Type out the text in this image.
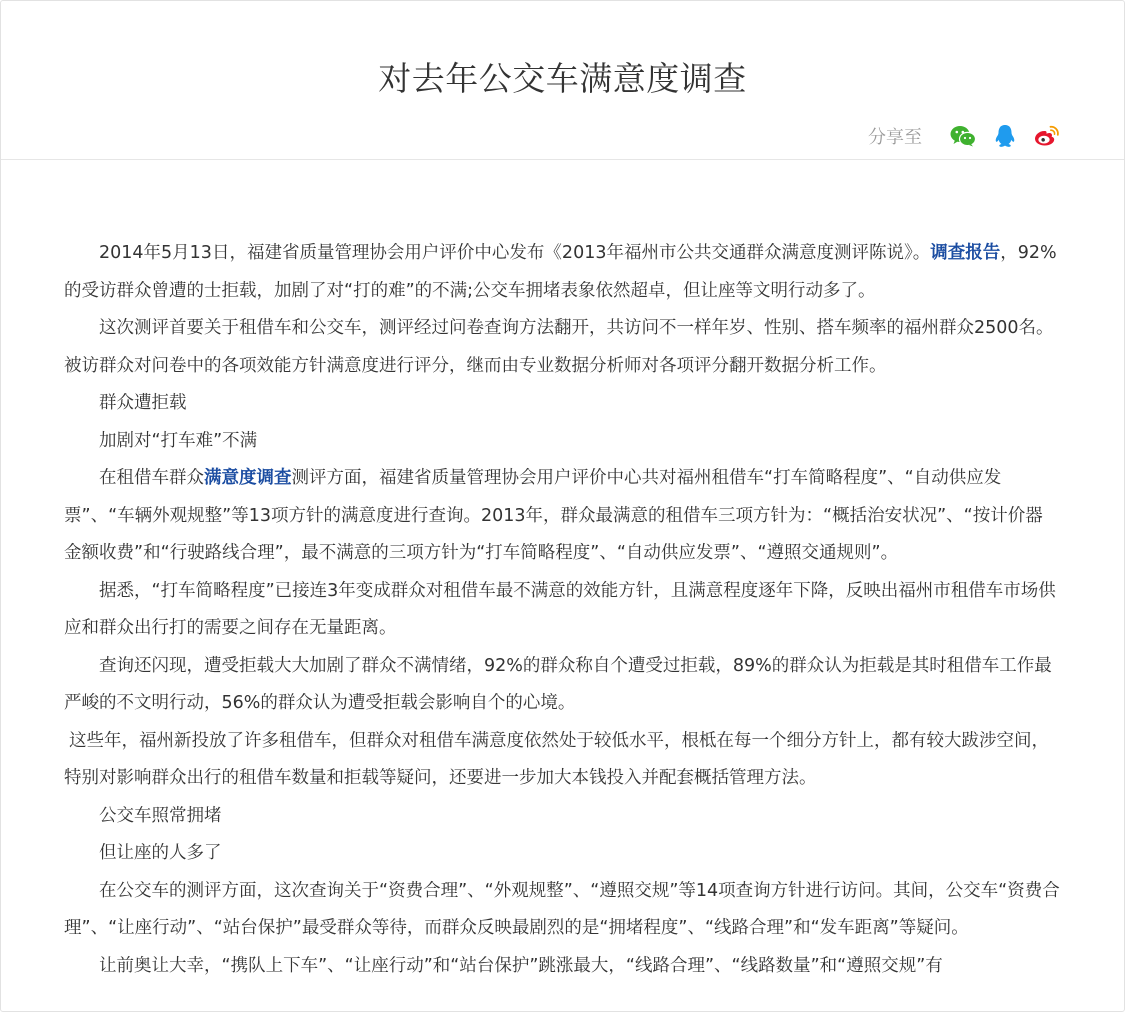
对去年公交车满意度调查
分享至

2014年5月13日，福建省质量管理协会用户评价中心发布《2013年福州市公共交通群众满意度测评陈说》。调查报告，92%的受访群众曾遭的士拒载，加剧了对“打的难”的不满;公交车拥堵表象依然超卓，但让座等文明行动多了。

这次测评首要关于租借车和公交车，测评经过问卷查询方法翻开，共访问不一样年岁、性别、搭车频率的福州群众2500名。被访群众对问卷中的各项效能方针满意度进行评分，继而由专业数据分析师对各项评分翻开数据分析工作。

群众遭拒载

加剧对“打车难”不满

在租借车群众满意度调查测评方面，福建省质量管理协会用户评价中心共对福州租借车“打车简略程度”、“自动供应发票”、“车辆外观规整”等13项方针的满意度进行查询。2013年，群众最满意的租借车三项方针为：“概括治安状况”、“按计价器金额收费”和“行驶路线合理”，最不满意的三项方针为“打车简略程度”、“自动供应发票”、“遵照交通规则”。

据悉，“打车简略程度”已接连3年变成群众对租借车最不满意的效能方针，且满意程度逐年下降，反映出福州市租借车市场供应和群众出行打的需要之间存在无量距离。

查询还闪现，遭受拒载大大加剧了群众不满情绪，92%的群众称自个遭受过拒载，89%的群众认为拒载是其时租借车工作最严峻的不文明行动，56%的群众认为遭受拒载会影响自个的心境。

这些年，福州新投放了许多租借车，但群众对租借车满意度依然处于较低水平，根柢在每一个细分方针上，都有较大跋涉空间，特别对影响群众出行的租借车数量和拒载等疑问，还要进一步加大本钱投入并配套概括管理方法。

公交车照常拥堵

但让座的人多了

在公交车的测评方面，这次查询关于“资费合理”、“外观规整”、“遵照交规”等14项查询方针进行访问。其间，公交车“资费合理”、“让座行动”、“站台保护”最受群众等待，而群众反映最剧烈的是“拥堵程度”、“线路合理”和“发车距离”等疑问。

让前奥让大幸，“携队上下车”、“让座行动”和“站台保护”跳涨最大，“线路合理”、“线路数量”和“遵照交规”有
